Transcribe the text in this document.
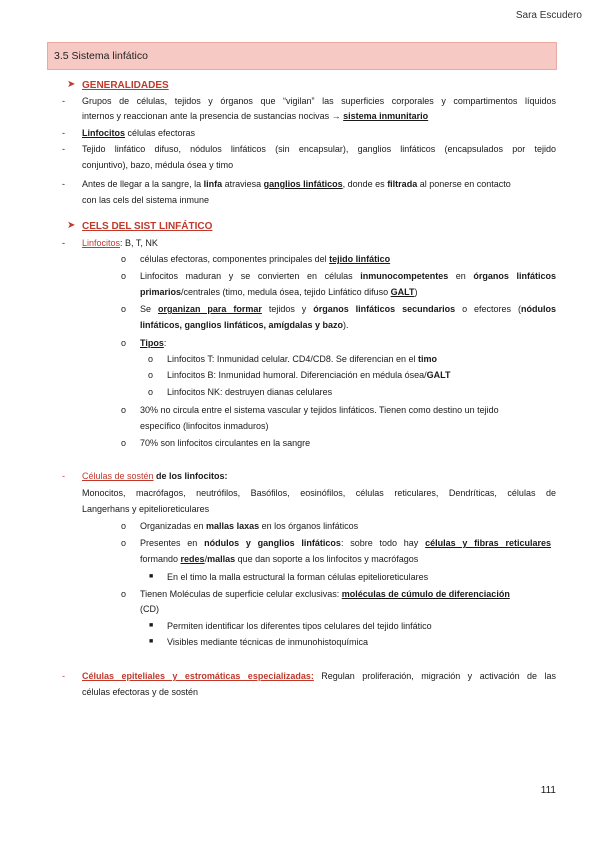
Sara Escudero
3.5 Sistema linfático
➤ GENERALIDADES
- Grupos de células, tejidos y órganos que “vigilan” las superficies corporales y compartimentos líquidos
internos y reaccionan ante la presencia de sustancias nocivas → sistema inmunitario
- Linfocitos células efectoras
- Tejido linfático difuso, nódulos linfáticos (sin encapsular), ganglios linfáticos (encapsulados por tejido
conjuntivo), bazo, médula ósea y timo
- Antes de llegar a la sangre, la linfa atraviesa ganglios linfáticos, donde es filtrada al ponerse en contacto
con las cels del sistema inmune
➤ CELS DEL SIST LINFÁTICO
- Linfocitos: B, T, NK
o células efectoras, componentes principales del tejido linfático
o Linfocitos maduran y se convierten en células inmunocompetentes en órganos linfáticos
primarios/centrales (timo, medula ósea, tejido Linfático difuso GALT)
o Se organizan para formar tejidos y órganos linfáticos secundarios o efectores (nódulos
linfáticos, ganglios linfáticos, amígdalas y bazo).
o Tipos:
o Linfocitos T: Inmunidad celular. CD4/CD8. Se diferencian en el timo
o Linfocitos B: Inmunidad humoral. Diferenciación en médula ósea/GALT
o Linfocitos NK: destruyen dianas celulares
o 30% no circula entre el sistema vascular y tejidos linfáticos. Tienen como destino un tejido
específico (linfocitos inmaduros)
o 70% son linfocitos circulantes en la sangre
- Células de sostén de los linfocitos:
Monocitos, macrófagos, neutrófilos, Basófilos, eosinófilos, células reticulares, Dendríticas, células de
Langerhans y epitelioreticulares
o Organizadas en mallas laxas en los órganos linfáticos
o Presentes en nódulos y ganglios linfáticos: sobre todo hay células y fibras reticulares
formando redes/mallas que dan soporte a los linfocitos y macrófagos
■ En el timo la malla estructural la forman células epitelioreticulares
o Tienen Moléculas de superficie celular exclusivas: moléculas de cúmulo de diferenciación
(CD)
■ Permiten identificar los diferentes tipos celulares del tejido linfático
■ Visibles mediante técnicas de inmunohistoquímica
- Células epiteliales y estromáticas especializadas: Regulan proliferación, migración y activación de las
células efectoras y de sostén
111
